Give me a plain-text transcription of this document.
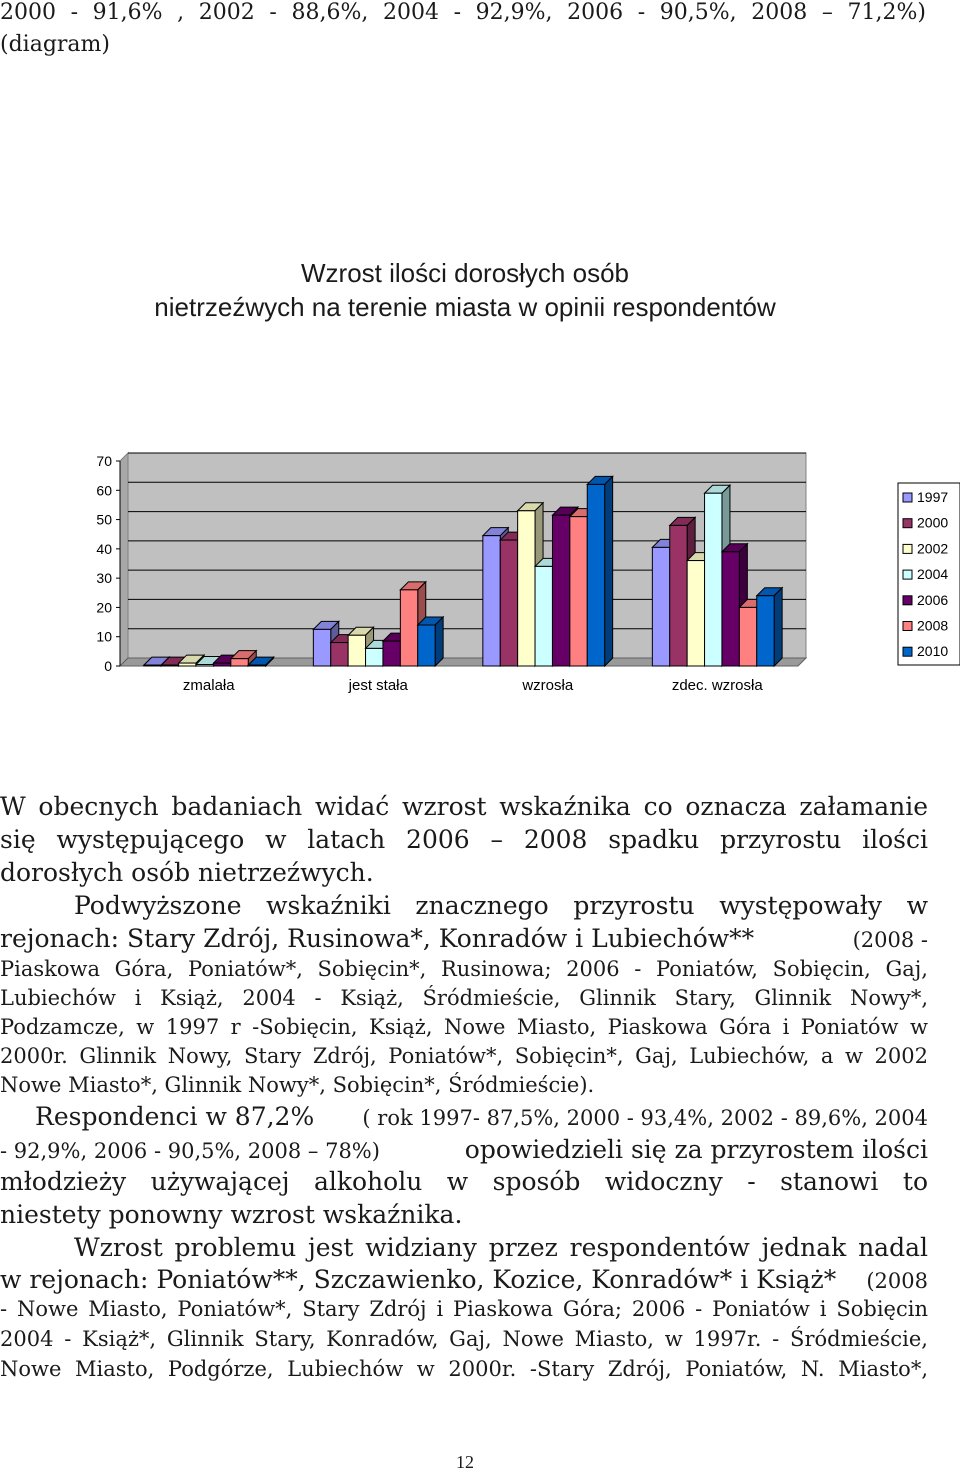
2000 - 91,6% , 2002 - 88,6%, 2004 - 92,9%, 2006 - 90,5%, 2008 – 71,2%)

(diagram)

Wzrost ilości dorosłych osób

nietrzeźwych na terenie miasta w opinii respondentów

0
10
20
30
40
50
60
70
zmalała	jest stała	wzrosła	zdec. wzrosła
1997
2000
2002
2004
2006
2008
2010

W obecnych badaniach widać wzrost wskaźnika co oznacza załamanie

się występującego w latach 2006 – 2008 spadku przyrostu ilości

dorosłych osób nietrzeźwych.

Podwyższone wskaźniki znacznego przyrostu występowały w

rejonach: Stary Zdrój, Rusinowa*, Konradów i Lubiechów**	(2008 -

Piaskowa Góra, Poniatów*, Sobięcin*, Rusinowa; 2006 - Poniatów, Sobięcin, Gaj,

Lubiechów i Książ, 2004 - Książ, Śródmieście, Glinnik Stary, Glinnik Nowy*,

Podzamcze, w 1997 r -Sobięcin, Książ, Nowe Miasto, Piaskowa Góra i Poniatów w

2000r. Glinnik Nowy, Stary Zdrój, Poniatów*, Sobięcin*, Gaj, Lubiechów, a w 2002

Nowe Miasto*, Glinnik Nowy*, Sobięcin*, Śródmieście).

Respondenci w 87,2% ( rok 1997- 87,5%, 2000 - 93,4%, 2002 - 89,6%, 2004
- 92,9%, 2006 - 90,5%, 2008 – 78%)	opowiedzieli się za przyrostem ilości

młodzieży używającej alkoholu w sposób widoczny - stanowi to

niestety ponowny wzrost wskaźnika.

Wzrost problemu jest widziany przez respondentów jednak nadal

w rejonach: Poniatów**, Szczawienko, Kozice, Konradów* i Książ* (2008

- Nowe Miasto, Poniatów*, Stary Zdrój i Piaskowa Góra; 2006 - Poniatów i Sobięcin

2004 - Książ*, Glinnik Stary, Konradów, Gaj, Nowe Miasto, w 1997r. - Śródmieście,

Nowe Miasto, Podgórze, Lubiechów w 2000r. -Stary Zdrój, Poniatów, N. Miasto*,

12
